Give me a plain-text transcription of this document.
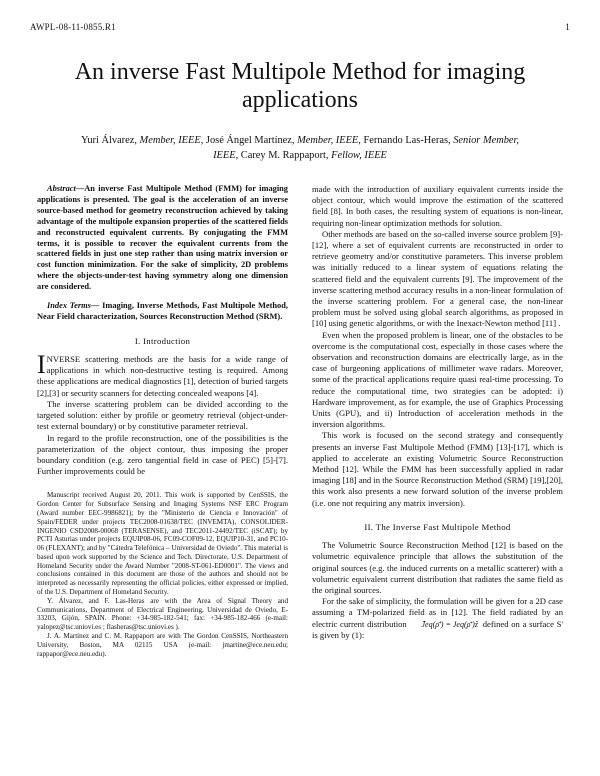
AWPL-08-11-0855.R1	1
An inverse Fast Multipole Method for imaging applications
Yuri Álvarez, Member, IEEE, José Ángel Martínez, Member, IEEE, Fernando Las-Heras, Senior Member,
IEEE, Carey M. Rappaport, Fellow, IEEE

Abstract—An inverse Fast Multipole Method (FMM) for imaging applications is presented. The goal is the acceleration of an inverse source-based method for geometry reconstruction achieved by taking advantage of the multipole expansion properties of the scattered fields and reconstructed equivalent currents. By conjugating the FMM terms, it is possible to recover the equivalent currents from the scattered fields in just one step rather than using matrix inversion or cost function minimization. For the sake of simplicity, 2D problems where the objects-under-test having symmetry along one dimension are considered.

Index Terms— Imaging, Inverse Methods, Fast Multipole Method, Near Field characterization, Sources Reconstruction Method (SRM).

I. Introduction

INVERSE scattering methods are the basis for a wide range of applications in which non-destructive testing is required. Among these applications are medical diagnostics [1], detection of buried targets [2],[3] or security scanners for detecting concealed weapons [4].

The inverse scattering problem can be divided according to the targeted solution: either by profile or geometry retrieval (object-under-test external boundary) or by constitutive parameter retrieval.

In regard to the profile reconstruction, one of the possibilities is the parameterization of the object contour, thus imposing the proper boundary condition (e.g. zero tangential field in case of PEC) [5]-[7]. Further improvements could be

Manuscript received August 20, 2011. This work is supported by CenSSIS, the Gordon Center for Subsurface Sensing and Imaging Systems NSF ERC Program (Award number EEC-9986821); by the "Ministerio de Ciencia e Innovación" of Spain/FEDER under projects TEC2008-01638/TEC (INVEMTA), CONSOLIDER-INGENIO CSD2008-00068 (TERASENSE), and TEC2011-24492/TEC (iSCAT); by PCTI Asturias under projects EQUIP08-06, FC09-COF09-12, EQUIP10-31, and PC10-06 (FLEXANT); and by "Cátedra Telefónica – Universidad de Oviedo". This material is based upon work supported by the Science and Tech. Directorate, U.S. Department of Homeland Security under the Award Number "2008-ST-061-ED0001". The views and conclusions contained in this document are those of the authors and should not be interpreted as necessarily representing the official policies, either expressed or implied, of the U.S. Department of Homeland Security.

Y. Álvarez, and F. Las-Heras are with the Area of Signal Theory and Communications, Department of Electrical Engineering, Universidad de Oviedo, E-33203, Gijón, SPAIN. Phone: +34-985-182-541; fax: +34-985-182-466 (e-mail: yalopez@tsc.uniovi.es ; flasheras@tsc.uniovi.es ).

J. A. Martínez and C. M. Rappaport are with The Gordon CenSSIS, Northeastern University, Boston, MA 02115 USA (e-mail: jmartine@ece.neu.edu; rappapor@ece.neu.edu).

made with the introduction of auxiliary equivalent currents inside the object contour, which would improve the estimation of the scattered field [8]. In both cases, the resulting system of equations is non-linear, requiring non-linear optimization methods for solution.

Other methods are based on the so-called inverse source problem [9]-[12], where a set of equivalent currents are reconstructed in order to retrieve geometry and/or constitutive parameters. This inverse problem was initially reduced to a linear system of equations relating the scattered field and the equivalent currents [9]. The improvement of the inverse scattering method accuracy results in a non-linear formulation of the inverse scattering problem. For a general case, the non-linear problem must be solved using global search algorithms, as proposed in [10] using genetic algorithms, or with the Inexact-Newton method [11] .

Even when the proposed problem is linear, one of the obstacles to be overcome is the computational cost, especially in those cases where the observation and reconstruction domains are electrically large, as in the case of burgeoning applications of millimeter wave radars. Moreover, some of the practical applications require quasi real-time processing. To reduce the computational time, two strategies can be adopted: i) Hardware improvement, as for example, the use of Graphics Processing Units (GPU), and ii) Introduction of acceleration methods in the inversion algorithms.

This work is focused on the second strategy and consequently presents an inverse Fast Multipole Method (FMM) [13]-[17], which is applied to accelerate an existing Volumetric Source Reconstruction Method [12]. While the FMM has been successfully applied in radar imaging [18] and in the Source Reconstruction Method (SRM) [19],[20], this work also presents a new forward solution of the inverse problem (i.e. one not requiring any matrix inversion).

II. The Inverse Fast Multipole Method

The Volumetric Source Reconstruction Method [12] is based on the volumetric equivalence principle that allows the substitution of the original sources (e.g. the induced currents on a metallic scatterer) with a volumetric equivalent current distribution that radiates the same field as the original sources.

For the sake of simplicity, the formulation will be given for a 2D case assuming a TM-polarized field as in [12]. The field radiated by an electric current distribution J̄eq(ρ̄') = Jeq(ρ̄')ẑ defined on a surface S' is given by (1):
